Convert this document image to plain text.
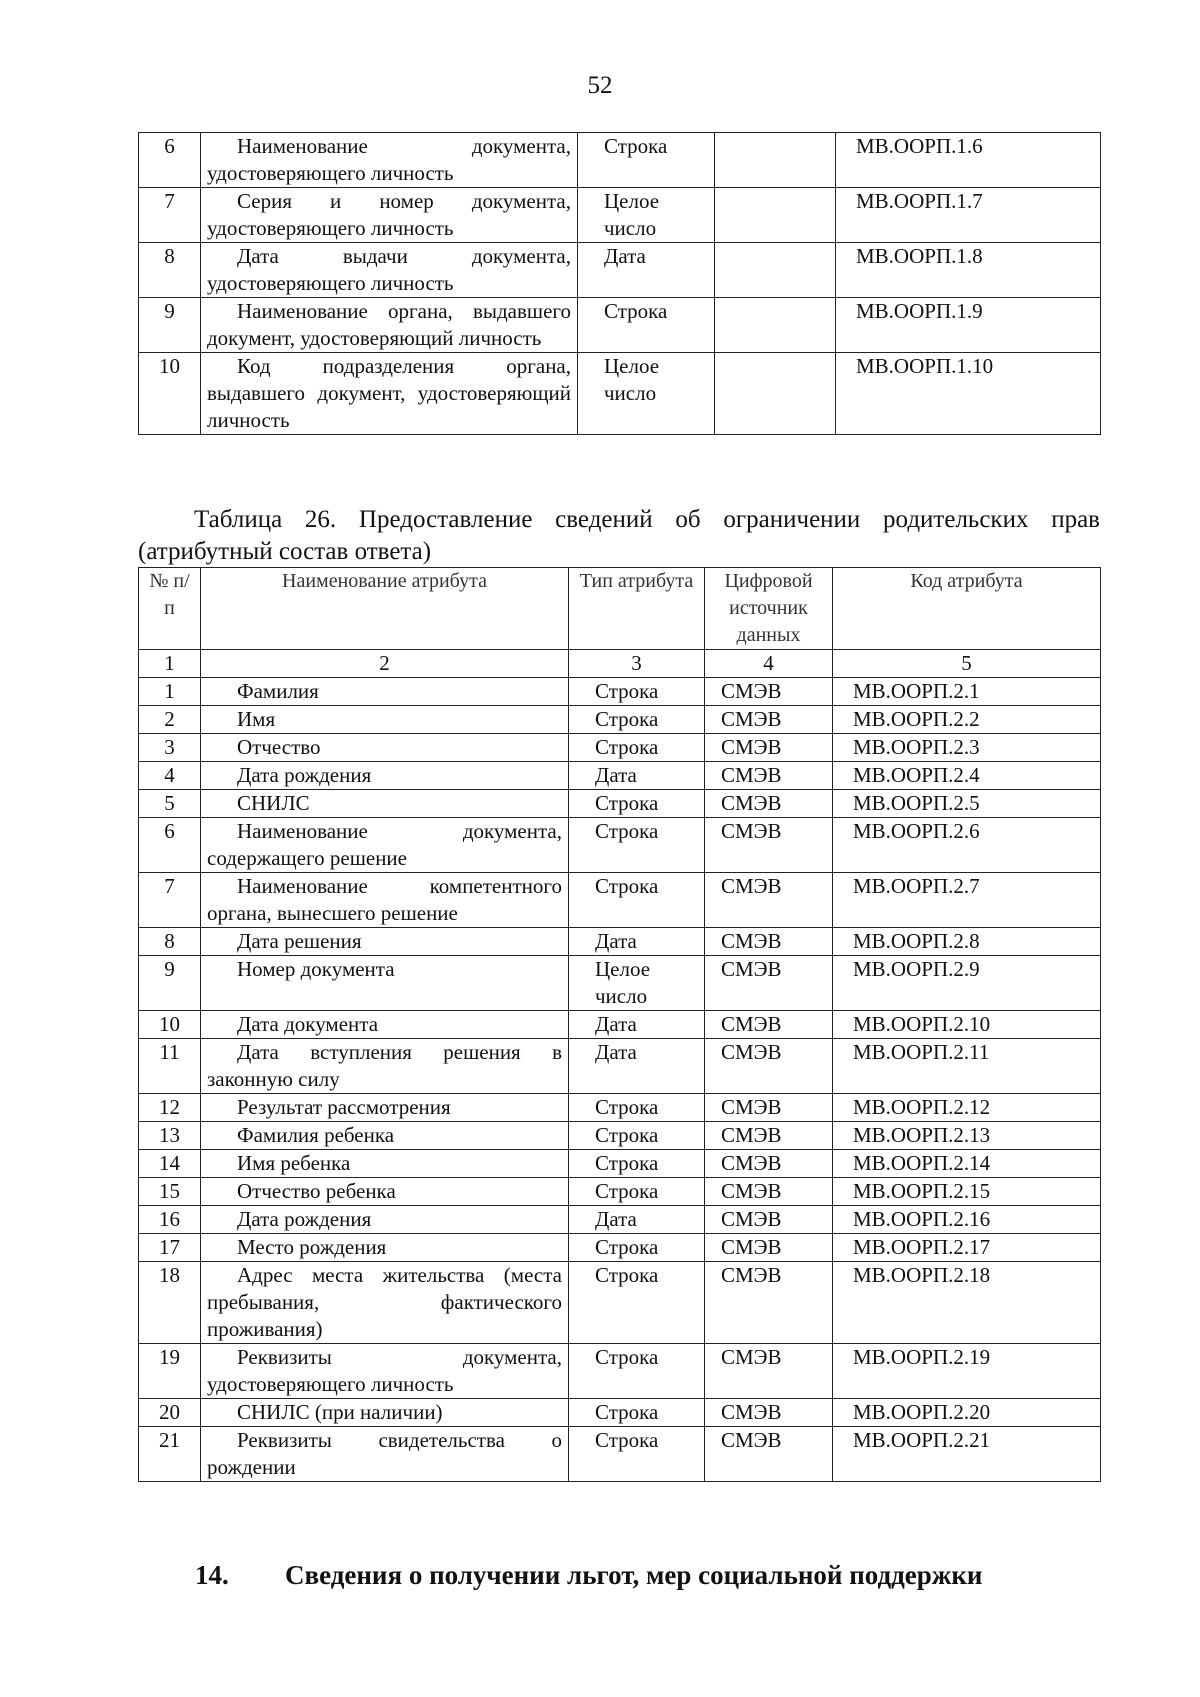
52
6	Наименование документа, удостоверяющего личность	Строка		МВ.ООРП.1.6
7	Серия и номер документа, удостоверяющего личность	Целое число		МВ.ООРП.1.7
8	Дата выдачи документа, удостоверяющего личность	Дата		МВ.ООРП.1.8
9	Наименование органа, выдавшего документ, удостоверяющий личность	Строка		МВ.ООРП.1.9
10	Код подразделения органа, выдавшего документ, удостоверяющий личность	Целое число		МВ.ООРП.1.10
Таблица 26. Предоставление сведений об ограничении родительских прав (атрибутный состав ответа)
№ п/п	Наименование атрибута	Тип атрибута	Цифровой источник данных	Код атрибута
1	2	3	4	5
1	Фамилия	Строка	СМЭВ	МВ.ООРП.2.1
2	Имя	Строка	СМЭВ	МВ.ООРП.2.2
3	Отчество	Строка	СМЭВ	МВ.ООРП.2.3
4	Дата рождения	Дата	СМЭВ	МВ.ООРП.2.4
5	СНИЛС	Строка	СМЭВ	МВ.ООРП.2.5
6	Наименование документа, содержащего решение	Строка	СМЭВ	МВ.ООРП.2.6
7	Наименование компетентного органа, вынесшего решение	Строка	СМЭВ	МВ.ООРП.2.7
8	Дата решения	Дата	СМЭВ	МВ.ООРП.2.8
9	Номер документа	Целое число	СМЭВ	МВ.ООРП.2.9
10	Дата документа	Дата	СМЭВ	МВ.ООРП.2.10
11	Дата вступления решения в законную силу	Дата	СМЭВ	МВ.ООРП.2.11
12	Результат рассмотрения	Строка	СМЭВ	МВ.ООРП.2.12
13	Фамилия ребенка	Строка	СМЭВ	МВ.ООРП.2.13
14	Имя ребенка	Строка	СМЭВ	МВ.ООРП.2.14
15	Отчество ребенка	Строка	СМЭВ	МВ.ООРП.2.15
16	Дата рождения	Дата	СМЭВ	МВ.ООРП.2.16
17	Место рождения	Строка	СМЭВ	МВ.ООРП.2.17
18	Адрес места жительства (места пребывания, фактического проживания)	Строка	СМЭВ	МВ.ООРП.2.18
19	Реквизиты документа, удостоверяющего личность	Строка	СМЭВ	МВ.ООРП.2.19
20	СНИЛС (при наличии)	Строка	СМЭВ	МВ.ООРП.2.20
21	Реквизиты свидетельства о рождении	Строка	СМЭВ	МВ.ООРП.2.21
14. Сведения о получении льгот, мер социальной поддержки
